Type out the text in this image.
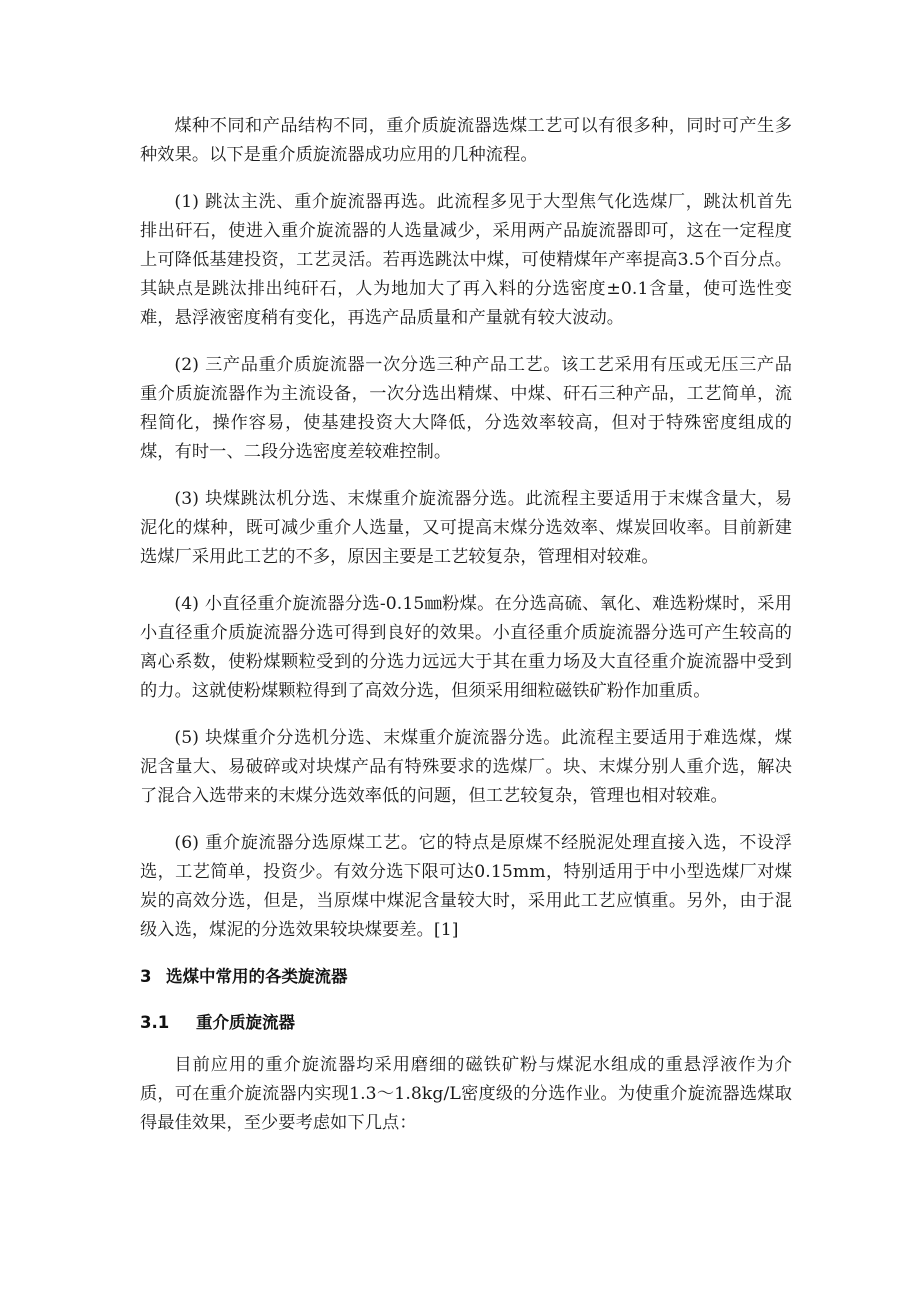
煤种不同和产品结构不同，重介质旋流器选煤工艺可以有很多种，同时可产生多种效果。以下是重介质旋流器成功应用的几种流程。

(1) 跳汰主洗、重介旋流器再选。此流程多见于大型焦气化选煤厂，跳汰机首先排出矸石，使进入重介旋流器的人选量减少，采用两产品旋流器即可，这在一定程度上可降低基建投资，工艺灵活。若再选跳汰中煤，可使精煤年产率提高3.5个百分点。其缺点是跳汰排出纯矸石，人为地加大了再入料的分选密度±0.1含量，使可选性变难，悬浮液密度稍有变化，再选产品质量和产量就有较大波动。

(2) 三产品重介质旋流器一次分选三种产品工艺。该工艺采用有压或无压三产品重介质旋流器作为主流设备，一次分选出精煤、中煤、矸石三种产品，工艺简单，流程简化，操作容易，使基建投资大大降低，分选效率较高，但对于特殊密度组成的煤，有时一、二段分选密度差较难控制。

(3) 块煤跳汰机分选、末煤重介旋流器分选。此流程主要适用于末煤含量大，易泥化的煤种，既可减少重介人选量，又可提高末煤分选效率、煤炭回收率。目前新建选煤厂采用此工艺的不多，原因主要是工艺较复杂，管理相对较难。

(4) 小直径重介旋流器分选-0.15㎜粉煤。在分选高硫、氧化、难选粉煤时，采用小直径重介质旋流器分选可得到良好的效果。小直径重介质旋流器分选可产生较高的离心系数，使粉煤颗粒受到的分选力远远大于其在重力场及大直径重介旋流器中受到的力。这就使粉煤颗粒得到了高效分选，但须采用细粒磁铁矿粉作加重质。

(5) 块煤重介分选机分选、末煤重介旋流器分选。此流程主要适用于难选煤，煤泥含量大、易破碎或对块煤产品有特殊要求的选煤厂。块、末煤分别人重介选，解决了混合入选带来的末煤分选效率低的问题，但工艺较复杂，管理也相对较难。

(6) 重介旋流器分选原煤工艺。它的特点是原煤不经脱泥处理直接入选，不设浮选，工艺简单，投资少。有效分选下限可达0.15mm，特别适用于中小型选煤厂对煤炭的高效分选，但是，当原煤中煤泥含量较大时，采用此工艺应慎重。另外，由于混级入选，煤泥的分选效果较块煤要差。[1]

3 选煤中常用的各类旋流器
3.1 重介质旋流器

目前应用的重介旋流器均采用磨细的磁铁矿粉与煤泥水组成的重悬浮液作为介质，可在重介旋流器内实现1.3～1.8kg/L密度级的分选作业。为使重介旋流器选煤取得最佳效果，至少要考虑如下几点：
